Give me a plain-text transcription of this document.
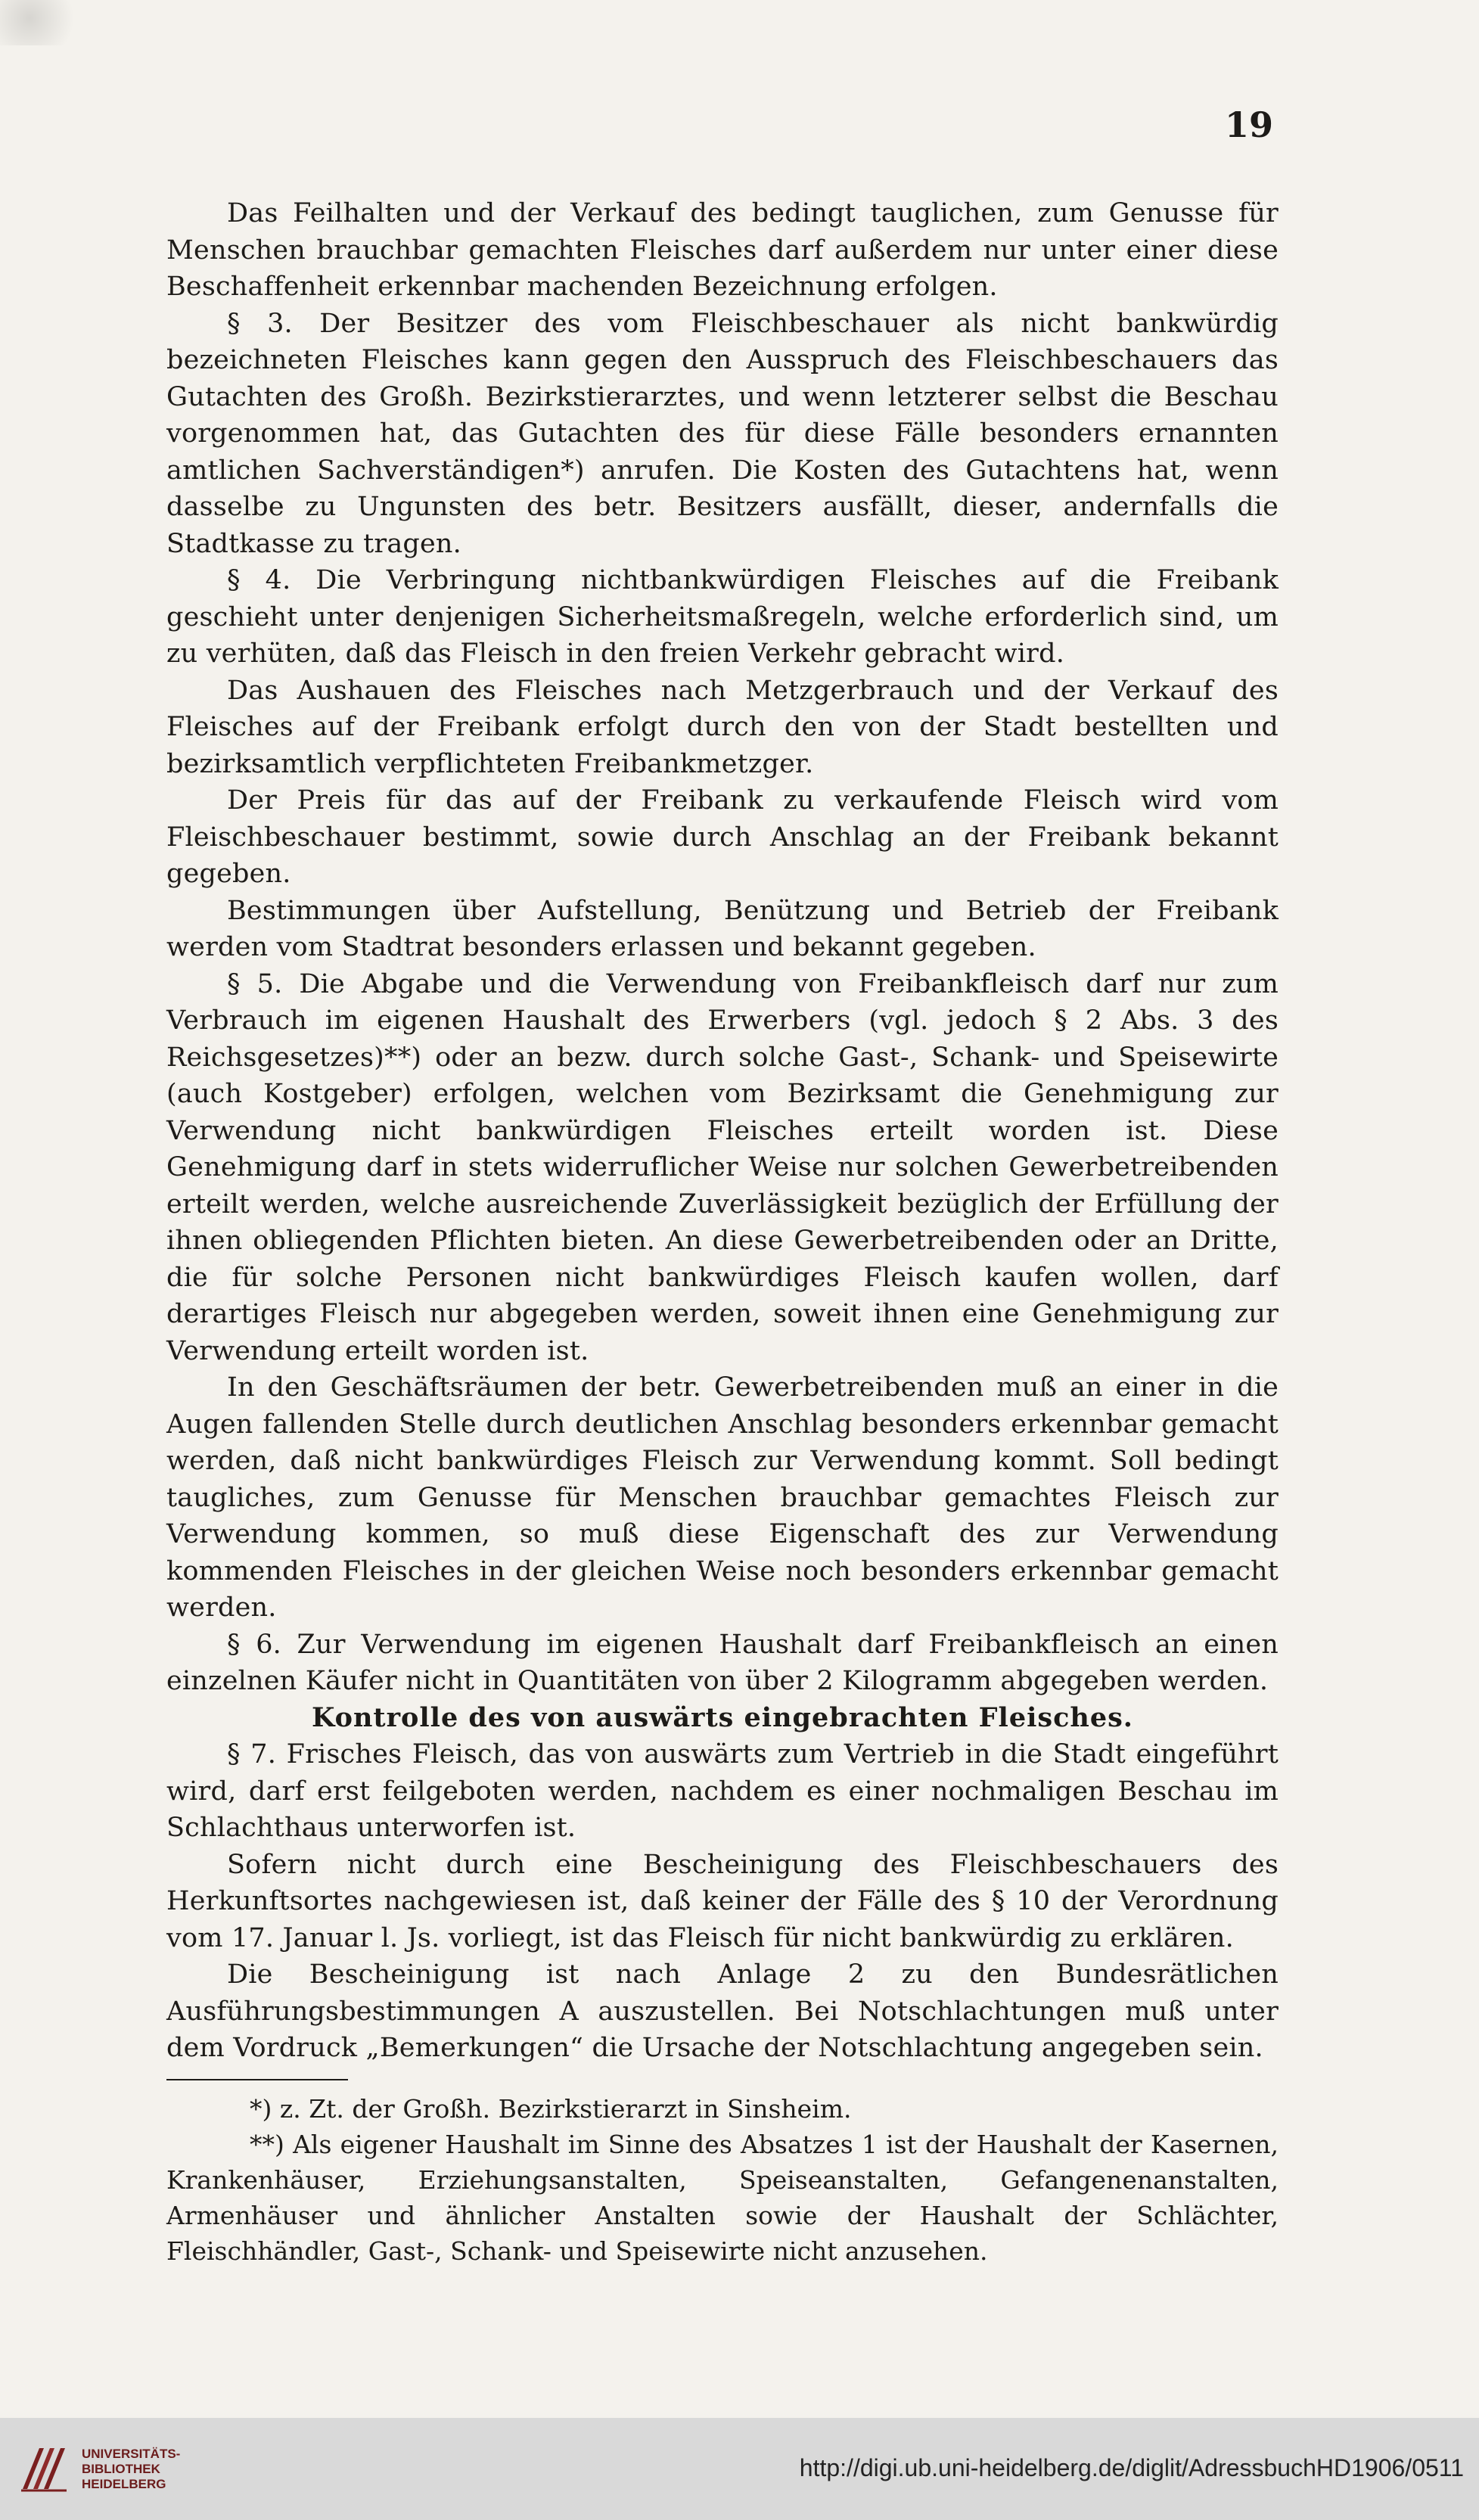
19

Das Feilhalten und der Verkauf des bedingt tauglichen, zum Genusse für Menschen brauchbar gemachten Fleisches darf außerdem nur unter einer diese Beschaffenheit erkennbar machenden Bezeichnung erfolgen.

§ 3. Der Besitzer des vom Fleischbeschauer als nicht bankwürdig bezeichneten Fleisches kann gegen den Ausspruch des Fleischbeschauers das Gutachten des Großh. Bezirkstierarztes, und wenn letzterer selbst die Beschau vorgenommen hat, das Gutachten des für diese Fälle besonders ernannten amtlichen Sachverständigen*) anrufen. Die Kosten des Gutachtens hat, wenn dasselbe zu Ungunsten des betr. Besitzers ausfällt, dieser, andernfalls die Stadtkasse zu tragen.

§ 4. Die Verbringung nichtbankwürdigen Fleisches auf die Freibank geschieht unter denjenigen Sicherheitsmaßregeln, welche erforderlich sind, um zu verhüten, daß das Fleisch in den freien Verkehr gebracht wird.

Das Aushauen des Fleisches nach Metzgerbrauch und der Verkauf des Fleisches auf der Freibank erfolgt durch den von der Stadt bestellten und bezirksamtlich verpflichteten Freibankmetzger.

Der Preis für das auf der Freibank zu verkaufende Fleisch wird vom Fleischbeschauer bestimmt, sowie durch Anschlag an der Freibank bekannt gegeben.

Bestimmungen über Aufstellung, Benützung und Betrieb der Freibank werden vom Stadtrat besonders erlassen und bekannt gegeben.

§ 5. Die Abgabe und die Verwendung von Freibankfleisch darf nur zum Verbrauch im eigenen Haushalt des Erwerbers (vgl. jedoch § 2 Abs. 3 des Reichsgesetzes)**) oder an bezw. durch solche Gast-, Schank- und Speisewirte (auch Kostgeber) erfolgen, welchen vom Bezirksamt die Genehmigung zur Verwendung nicht bankwürdigen Fleisches erteilt worden ist. Diese Genehmigung darf in stets widerruflicher Weise nur solchen Gewerbetreibenden erteilt werden, welche ausreichende Zuverlässigkeit bezüglich der Erfüllung der ihnen obliegenden Pflichten bieten. An diese Gewerbetreibenden oder an Dritte, die für solche Personen nicht bankwürdiges Fleisch kaufen wollen, darf derartiges Fleisch nur abgegeben werden, soweit ihnen eine Genehmigung zur Verwendung erteilt worden ist.

In den Geschäftsräumen der betr. Gewerbetreibenden muß an einer in die Augen fallenden Stelle durch deutlichen Anschlag besonders erkennbar gemacht werden, daß nicht bankwürdiges Fleisch zur Verwendung kommt. Soll bedingt taugliches, zum Genusse für Menschen brauchbar gemachtes Fleisch zur Verwendung kommen, so muß diese Eigenschaft des zur Verwendung kommenden Fleisches in der gleichen Weise noch besonders erkennbar gemacht werden.

§ 6. Zur Verwendung im eigenen Haushalt darf Freibankfleisch an einen einzelnen Käufer nicht in Quantitäten von über 2 Kilogramm abgegeben werden.

Kontrolle des von auswärts eingebrachten Fleisches.

§ 7. Frisches Fleisch, das von auswärts zum Vertrieb in die Stadt eingeführt wird, darf erst feilgeboten werden, nachdem es einer nochmaligen Beschau im Schlachthaus unterworfen ist.

Sofern nicht durch eine Bescheinigung des Fleischbeschauers des Herkunftsortes nachgewiesen ist, daß keiner der Fälle des § 10 der Verordnung vom 17. Januar l. Js. vorliegt, ist das Fleisch für nicht bankwürdig zu erklären.

Die Bescheinigung ist nach Anlage 2 zu den Bundesrätlichen Ausführungsbestimmungen A auszustellen. Bei Notschlachtungen muß unter dem Vordruck „Bemerkungen“ die Ursache der Notschlachtung angegeben sein.

*) z. Zt. der Großh. Bezirkstierarzt in Sinsheim.

**) Als eigener Haushalt im Sinne des Absatzes 1 ist der Haushalt der Kasernen, Krankenhäuser, Erziehungsanstalten, Speiseanstalten, Gefangenenanstalten, Armenhäuser und ähnlicher Anstalten sowie der Haushalt der Schlächter, Fleischhändler, Gast-, Schank- und Speisewirte nicht anzusehen.

UNIVERSITÄTS-
BIBLIOTHEK
HEIDELBERG
http://digi.ub.uni-heidelberg.de/diglit/AdressbuchHD1906/0511
